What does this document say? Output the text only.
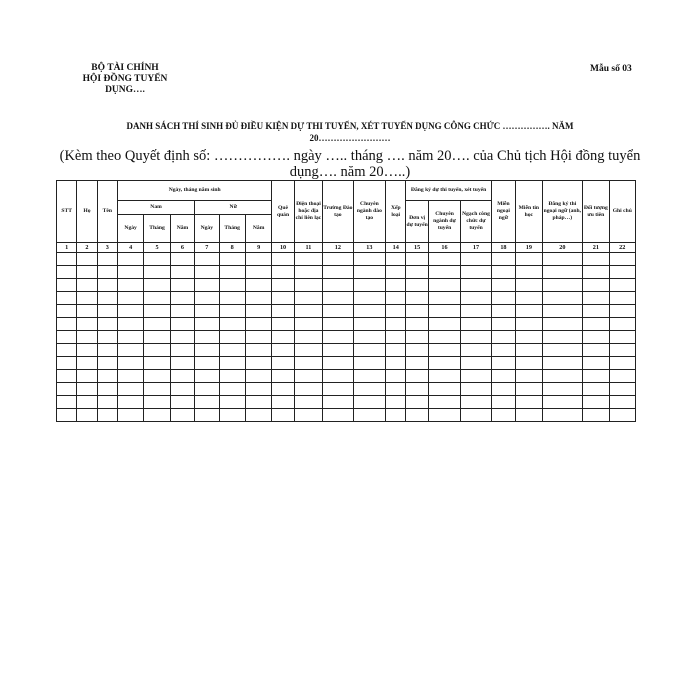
BỘ TÀI CHÍNH
HỘI ĐỒNG TUYỂN
DỤNG….
Mẫu số 03
DANH SÁCH THÍ SINH ĐỦ ĐIỀU KIỆN DỰ THI TUYỂN, XÉT TUYỂN DỤNG CÔNG CHỨC ……………. NĂM
20……………………
(Kèm theo Quyết định số: ……………. ngày ….. tháng …. năm 20…. của Chủ tịch Hội đồng tuyển dụng…. năm 20…..)
STT	Họ	Tên	Ngày, tháng năm sinh						Quê quán	Điện thoại hoặc địa chỉ liên lạc	Trường Đào tạo	Chuyên ngành đào tạo	Xếp loại	Đăng ký dự thi tuyển, xét tuyển			Miễn ngoại ngữ	Miễn tin học	Đăng ký thi ngoại ngữ (anh, pháp…)	Đối tượng ưu tiên	Ghi chú
			Nam			Nữ								Đơn vị dự tuyển	Chuyên ngành dự tuyển	Ngạch công chức dự tuyển					
			Ngày	Tháng	Năm	Ngày	Tháng	Năm													
1	2	3	4	5	6	7	8	9	10	11	12	13	14	15	16	17	18	19	20	21	22
